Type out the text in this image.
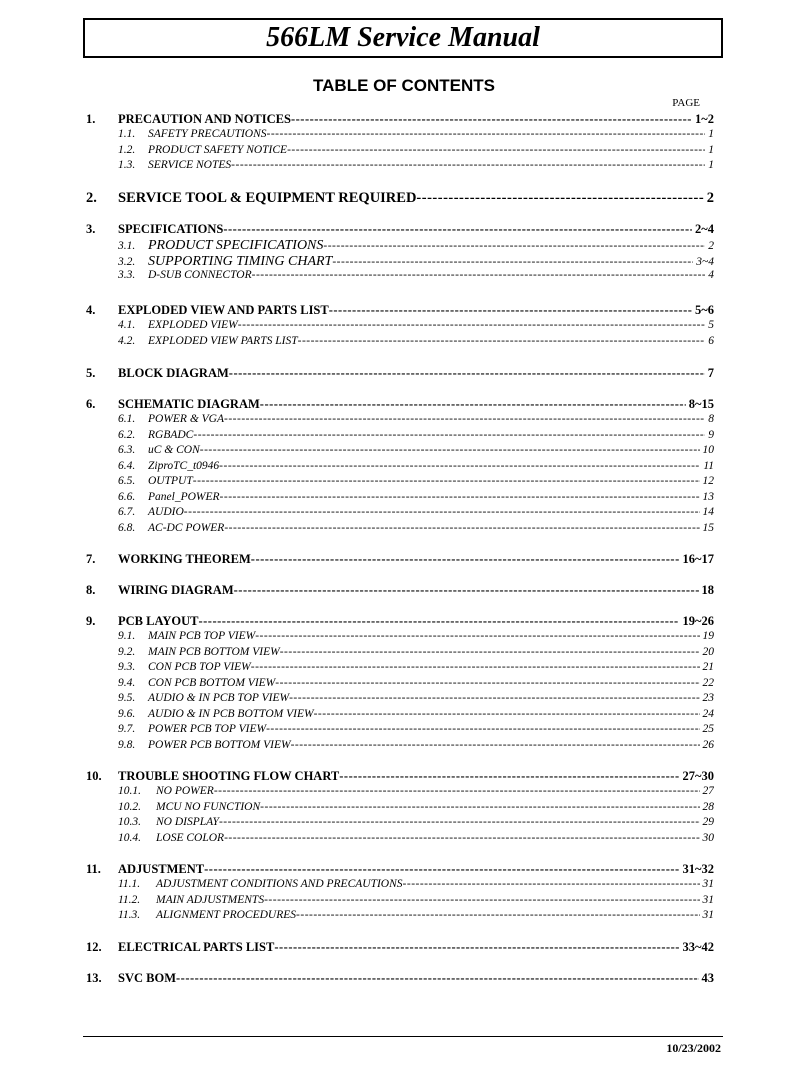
566LM Service Manual
TABLE OF CONTENTS
PAGE
1.	PRECAUTION AND NOTICES -----	1~2
1.1.	SAFETY PRECAUTIONS -----	1
1.2.	PRODUCT SAFETY NOTICE -----	1
1.3.	SERVICE NOTES -----	1
2.	SERVICE TOOL & EQUIPMENT REQUIRED -----	2
3.	SPECIFICATIONS -----	2~4
3.1. PRODUCT SPECIFICATIONS -----	2
3.2. SUPPORTING TIMING CHART -----	3~4
3.3.	D-SUB CONNECTOR -----	4
4.	EXPLODED VIEW AND PARTS LIST -----	5~6
4.1.	EXPLODED VIEW -----	5
4.2.	EXPLODED VIEW PARTS LIST -----	6
5.	BLOCK DIAGRAM -----	7
6.	SCHEMATIC DIAGRAM -----	8~15
6.1.	POWER & VGA -----	8
6.2.	RGBADC -----	9
6.3.	uC & CON -----	10
6.4.	ZiproTC_t0946 -----	11
6.5.	OUTPUT -----	12
6.6.	Panel_POWER -----	13
6.7.	AUDIO -----	14
6.8.	AC-DC POWER -----	15
7.	WORKING THEOREM -----	16~17
8.	WIRING DIAGRAM -----	18
9.	PCB LAYOUT -----	19~26
9.1.	MAIN PCB TOP VIEW -----	19
9.2.	MAIN PCB BOTTOM VIEW -----	20
9.3.	CON PCB TOP VIEW -----	21
9.4.	CON PCB BOTTOM VIEW -----	22
9.5.	AUDIO & IN PCB TOP VIEW -----	23
9.6.	AUDIO & IN PCB BOTTOM VIEW -----	24
9.7.	POWER PCB TOP VIEW -----	25
9.8.	POWER PCB BOTTOM VIEW -----	26
10.	TROUBLE SHOOTING FLOW CHART -----	27~30
10.1.	NO POWER -----	27
10.2.	MCU NO FUNCTION -----	28
10.3.	NO DISPLAY -----	29
10.4.	LOSE COLOR -----	30
11.	ADJUSTMENT -----	31~32
11.1.	ADJUSTMENT CONDITIONS AND PRECAUTIONS -----	31
11.2.	MAIN ADJUSTMENTS -----	31
11.3.	ALIGNMENT PROCEDURES -----	31
12.	ELECTRICAL PARTS LIST -----	33~42
13.	SVC BOM -----	43
10/23/2002
